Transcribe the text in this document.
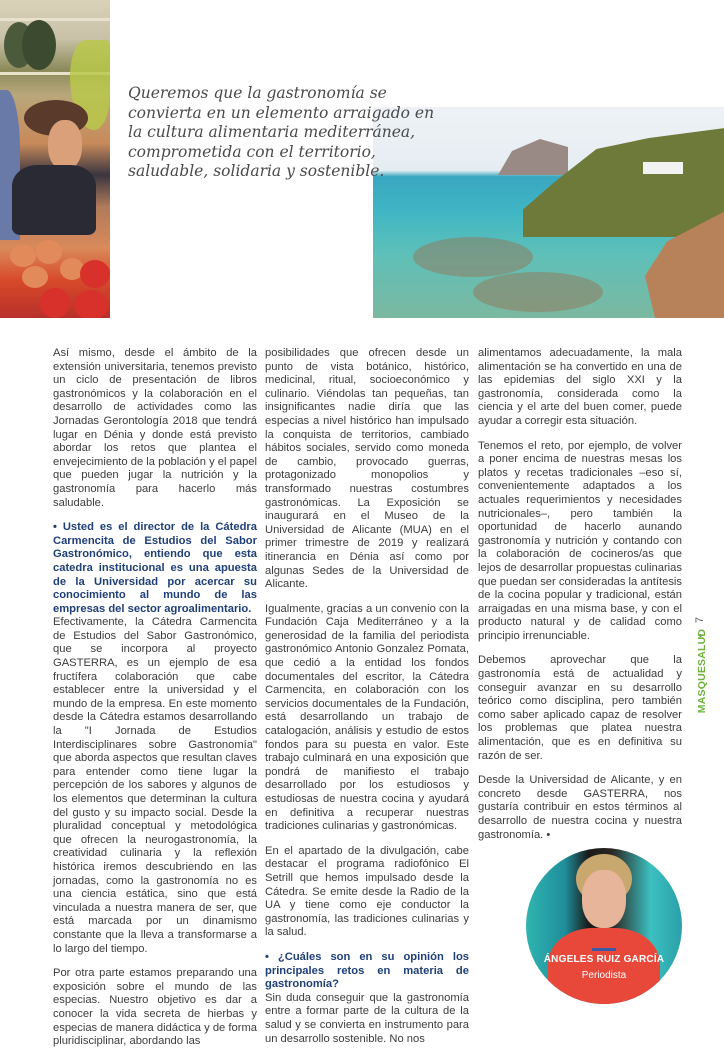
Queremos que la gastronomía se convierta en un elemento arraigado en la cultura alimentaria mediterránea, comprometida con el territorio, saludable, solidaria y sostenible.

Así mismo, desde el ámbito de la extensión universitaria, tenemos previsto un ciclo de presentación de libros gastronómicos y la colaboración en el desarrollo de actividades como las Jornadas Gerontología 2018 que tendrá lugar en Dénia y donde está previsto abordar los retos que plantea el envejecimiento de la población y el papel que pueden jugar la nutrición y la gastronomía para hacerlo más saludable.

• Usted es el director de la Cátedra Carmencita de Estudios del Sabor Gastronómico, entiendo que esta catedra institucional es una apuesta de la Universidad por acercar su conocimiento al mundo de las empresas del sector agroalimentario.

Efectivamente, la Cátedra Carmencita de Estudios del Sabor Gastronómico, que se incorpora al proyecto GASTERRA, es un ejemplo de esa fructífera colaboración que cabe establecer entre la universidad y el mundo de la empresa. En este momento desde la Cátedra estamos desarrollando la "I Jornada de Estudios Interdisciplinares sobre Gastronomía" que aborda aspectos que resultan claves para entender como tiene lugar la percepción de los sabores y algunos de los elementos que determinan la cultura del gusto y su impacto social. Desde la pluralidad conceptual y metodológica que ofrecen la neurogastronomía, la creatividad culinaria y la reflexión histórica iremos descubriendo en las jornadas, como la gastronomía no es una ciencia estática, sino que está vinculada a nuestra manera de ser, que está marcada por un dinamismo constante que la lleva a transformarse a lo largo del tiempo.

Por otra parte estamos preparando una exposición sobre el mundo de las especias. Nuestro objetivo es dar a conocer la vida secreta de hierbas y especias de manera didáctica y de forma pluridisciplinar, abordando las

posibilidades que ofrecen desde un punto de vista botánico, histórico, medicinal, ritual, socioeconómico y culinario. Viéndolas tan pequeñas, tan insignificantes nadie diría que las especias a nivel histórico han impulsado la conquista de territorios, cambiado hábitos sociales, servido como moneda de cambio, provocado guerras, protagonizado monopolios y transformado nuestras costumbres gastronómicas. La Exposición se inaugurará en el Museo de la Universidad de Alicante (MUA) en el primer trimestre de 2019 y realizará itinerancia en Dénia así como por algunas Sedes de la Universidad de Alicante.

Igualmente, gracias a un convenio con la Fundación Caja Mediterráneo y a la generosidad de la familia del periodista gastronómico Antonio Gonzalez Pomata, que cedió a la entidad los fondos documentales del escritor, la Cátedra Carmencita, en colaboración con los servicios documentales de la Fundación, está desarrollando un trabajo de catalogación, análisis y estudio de estos fondos para su puesta en valor. Este trabajo culminará en una exposición que pondrá de manifiesto el trabajo desarrollado por los estudiosos y estudiosas de nuestra cocina y ayudará en definitiva a recuperar nuestras tradiciones culinarias y gastronómicas.

En el apartado de la divulgación, cabe destacar el programa radiofónico El Setrill que hemos impulsado desde la Cátedra. Se emite desde la Radio de la UA y tiene como eje conductor la gastronomía, las tradiciones culinarias y la salud.

• ¿Cuáles son en su opinión los principales retos en materia de gastronomía?

Sin duda conseguir que la gastronomía entre a formar parte de la cultura de la salud y se convierta en instrumento para un desarrollo sostenible. No nos

alimentamos adecuadamente, la mala alimentación se ha convertido en una de las epidemias del siglo XXI y la gastronomía, considerada como la ciencia y el arte del buen comer, puede ayudar a corregir esta situación.

Tenemos el reto, por ejemplo, de volver a poner encima de nuestras mesas los platos y recetas tradicionales –eso sí, convenientemente adaptados a los actuales requerimientos y necesidades nutricionales–, pero también la oportunidad de hacerlo aunando gastronomía y nutrición y contando con la colaboración de cocineros/as que lejos de desarrollar propuestas culinarias que puedan ser consideradas la antítesis de la cocina popular y tradicional, están arraigadas en una misma base, y con el producto natural y de calidad como principio irrenunciable.

Debemos aprovechar que la gastronomía está de actualidad y conseguir avanzar en su desarrollo teórico como disciplina, pero también como saber aplicado capaz de resolver los problemas que platea nuestra alimentación, que es en definitiva su razón de ser.

Desde la Universidad de Alicante, y en concreto desde GASTERRA, nos gustaría contribuir en estos términos al desarrollo de nuestra cocina y nuestra gastronomía. •

7
MASQUESALUD
ÁNGELES RUIZ GARCÍA
Periodista
